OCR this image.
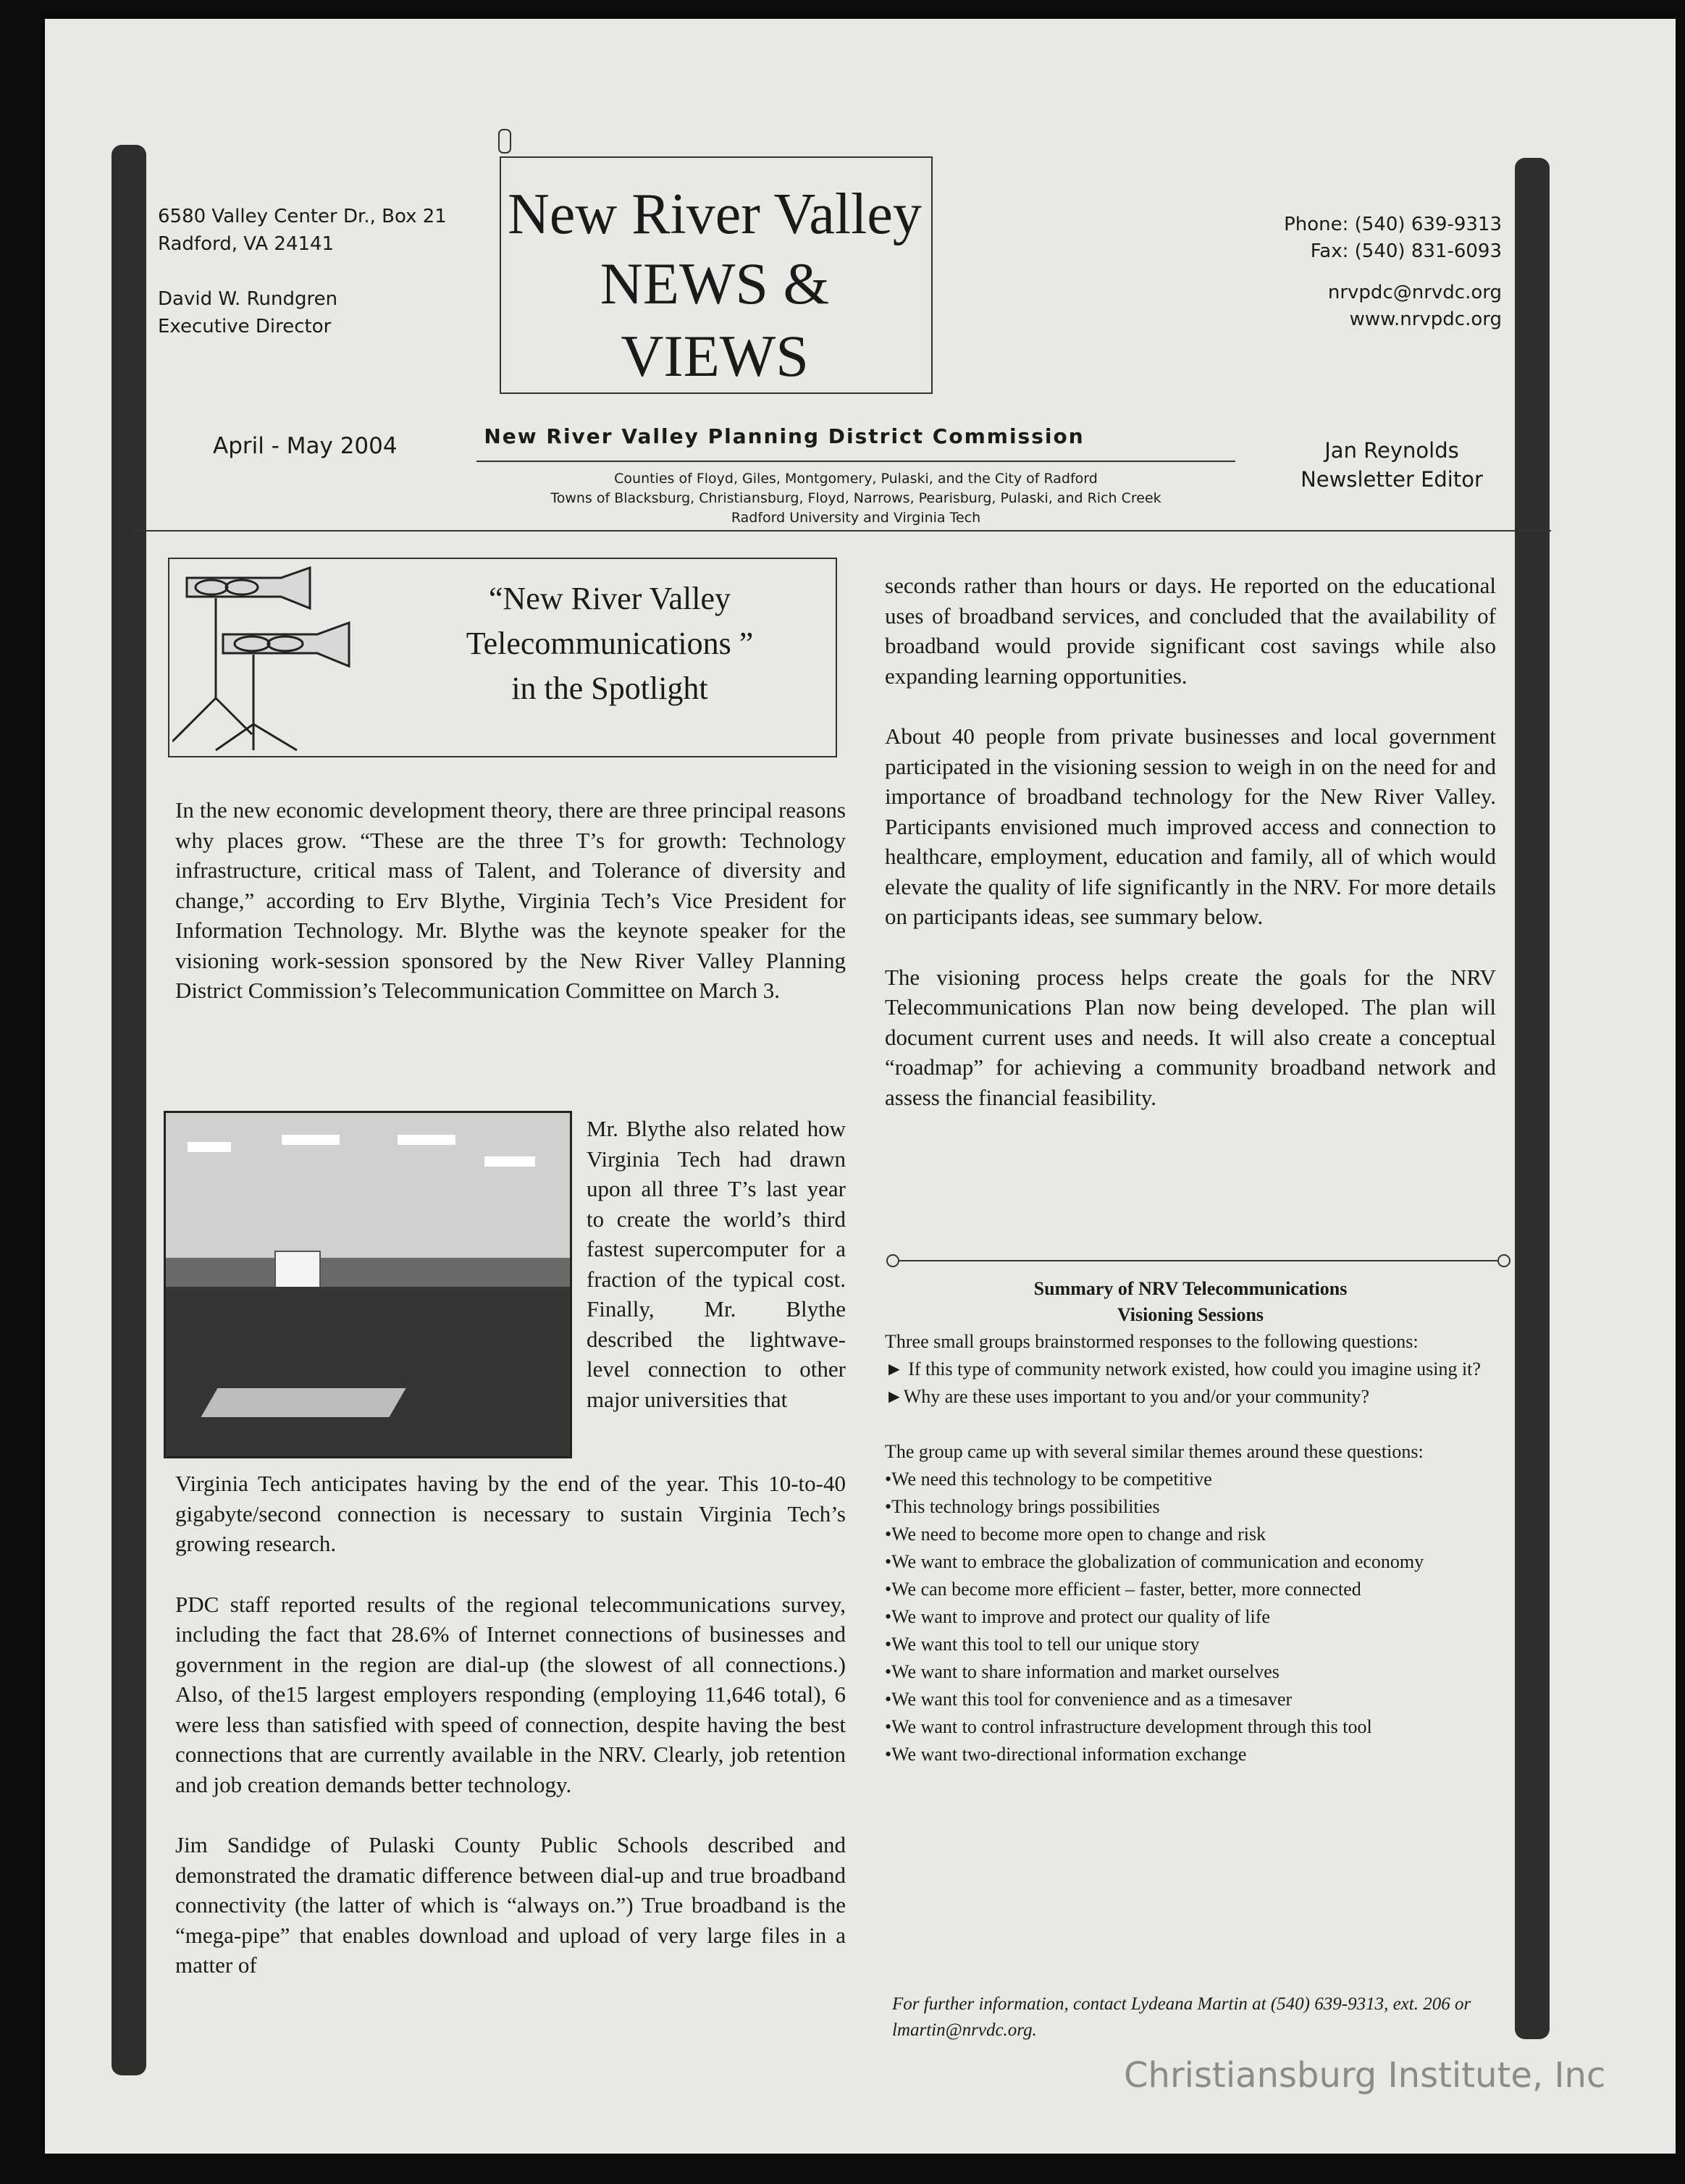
6580 Valley Center Dr., Box 21
Radford, VA 24141
David W. Rundgren
Executive Director
April - May 2004
New River Valley
NEWS & VIEWS
Phone: (540) 639-9313
Fax: (540) 831-6093
nrvpdc@nrvdc.org
www.nrvpdc.org
Jan Reynolds
Newsletter Editor
New River Valley Planning District Commission
Counties of Floyd, Giles, Montgomery, Pulaski, and the City of Radford
Towns of Blacksburg, Christiansburg, Floyd, Narrows, Pearisburg, Pulaski, and Rich Creek
Radford University and Virginia Tech
“New River Valley
Telecommunications ”
in the Spotlight

In the new economic development theory, there are three principal reasons why places grow. “These are the three T’s for growth: Technology infrastructure, critical mass of Talent, and Tolerance of diversity and change,” according to Erv Blythe, Virginia Tech’s Vice President for Information Technology. Mr. Blythe was the keynote speaker for the visioning work-session sponsored by the New River Valley Planning District Commission’s Telecommunication Committee on March 3.

Mr. Blythe also related how Virginia Tech had drawn upon all three T’s last year to create the world’s third fastest supercomputer for a fraction of the typical cost. Finally, Mr. Blythe described the lightwave-level connection to other major universities that

Virginia Tech anticipates having by the end of the year. This 10-to-40 gigabyte/second connection is necessary to sustain Virginia Tech’s growing research.

PDC staff reported results of the regional telecommunications survey, including the fact that 28.6% of Internet connections of businesses and government in the region are dial-up (the slowest of all connections.) Also, of the15 largest employers responding (employing 11,646 total), 6 were less than satisfied with speed of connection, despite having the best connections that are currently available in the NRV. Clearly, job retention and job creation demands better technology.

Jim Sandidge of Pulaski County Public Schools described and demonstrated the dramatic difference between dial-up and true broadband connectivity (the latter of which is “always on.”) True broadband is the “mega-pipe” that enables download and upload of very large files in a matter of

seconds rather than hours or days. He reported on the educational uses of broadband services, and concluded that the availability of broadband would provide significant cost savings while also expanding learning opportunities.

About 40 people from private businesses and local government participated in the visioning session to weigh in on the need for and importance of broadband technology for the New River Valley. Participants envisioned much improved access and connection to healthcare, employment, education and family, all of which would elevate the quality of life significantly in the NRV. For more details on participants ideas, see summary below.

The visioning process helps create the goals for the NRV Telecommunications Plan now being developed. The plan will document current uses and needs. It will also create a conceptual “roadmap” for achieving a community broadband network and assess the financial feasibility.

Summary of NRV Telecommunications
Visioning Sessions
Three small groups brainstormed responses to the following questions:
► If this type of community network existed, how could you imagine using it?
►Why are these uses important to you and/or your community?
The group came up with several similar themes around these questions:
•We need this technology to be competitive
•This technology brings possibilities
•We need to become more open to change and risk
•We want to embrace the globalization of communication and economy
•We can become more efficient – faster, better, more connected
•We want to improve and protect our quality of life
•We want this tool to tell our unique story
•We want to share information and market ourselves
•We want this tool for convenience and as a timesaver
•We want to control infrastructure development through this tool
•We want two-directional information exchange
For further information, contact Lydeana Martin at (540) 639-9313, ext. 206 or lmartin@nrvdc.org.
Christiansburg Institute, Inc
